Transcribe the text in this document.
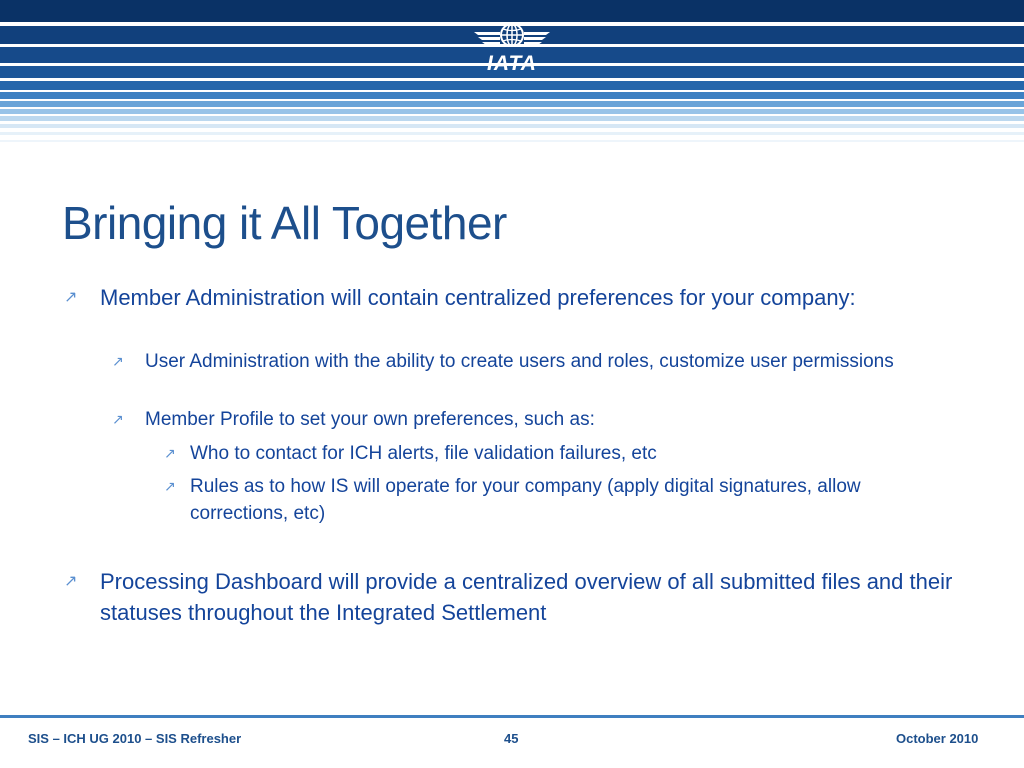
IATA
Bringing it All Together
↗	Member Administration will contain centralized preferences for your company:
↗	User Administration with the ability to create users and roles, customize user permissions
↗	Member Profile to set your own preferences, such as:
↗ Who to contact for ICH alerts, file validation failures, etc
↗ Rules as to how IS will operate for your company (apply digital signatures, allow corrections, etc)
↗	Processing Dashboard will provide a centralized overview of all submitted files and their statuses throughout the Integrated Settlement
SIS – ICH UG 2010 – SIS Refresher	45	October 2010
